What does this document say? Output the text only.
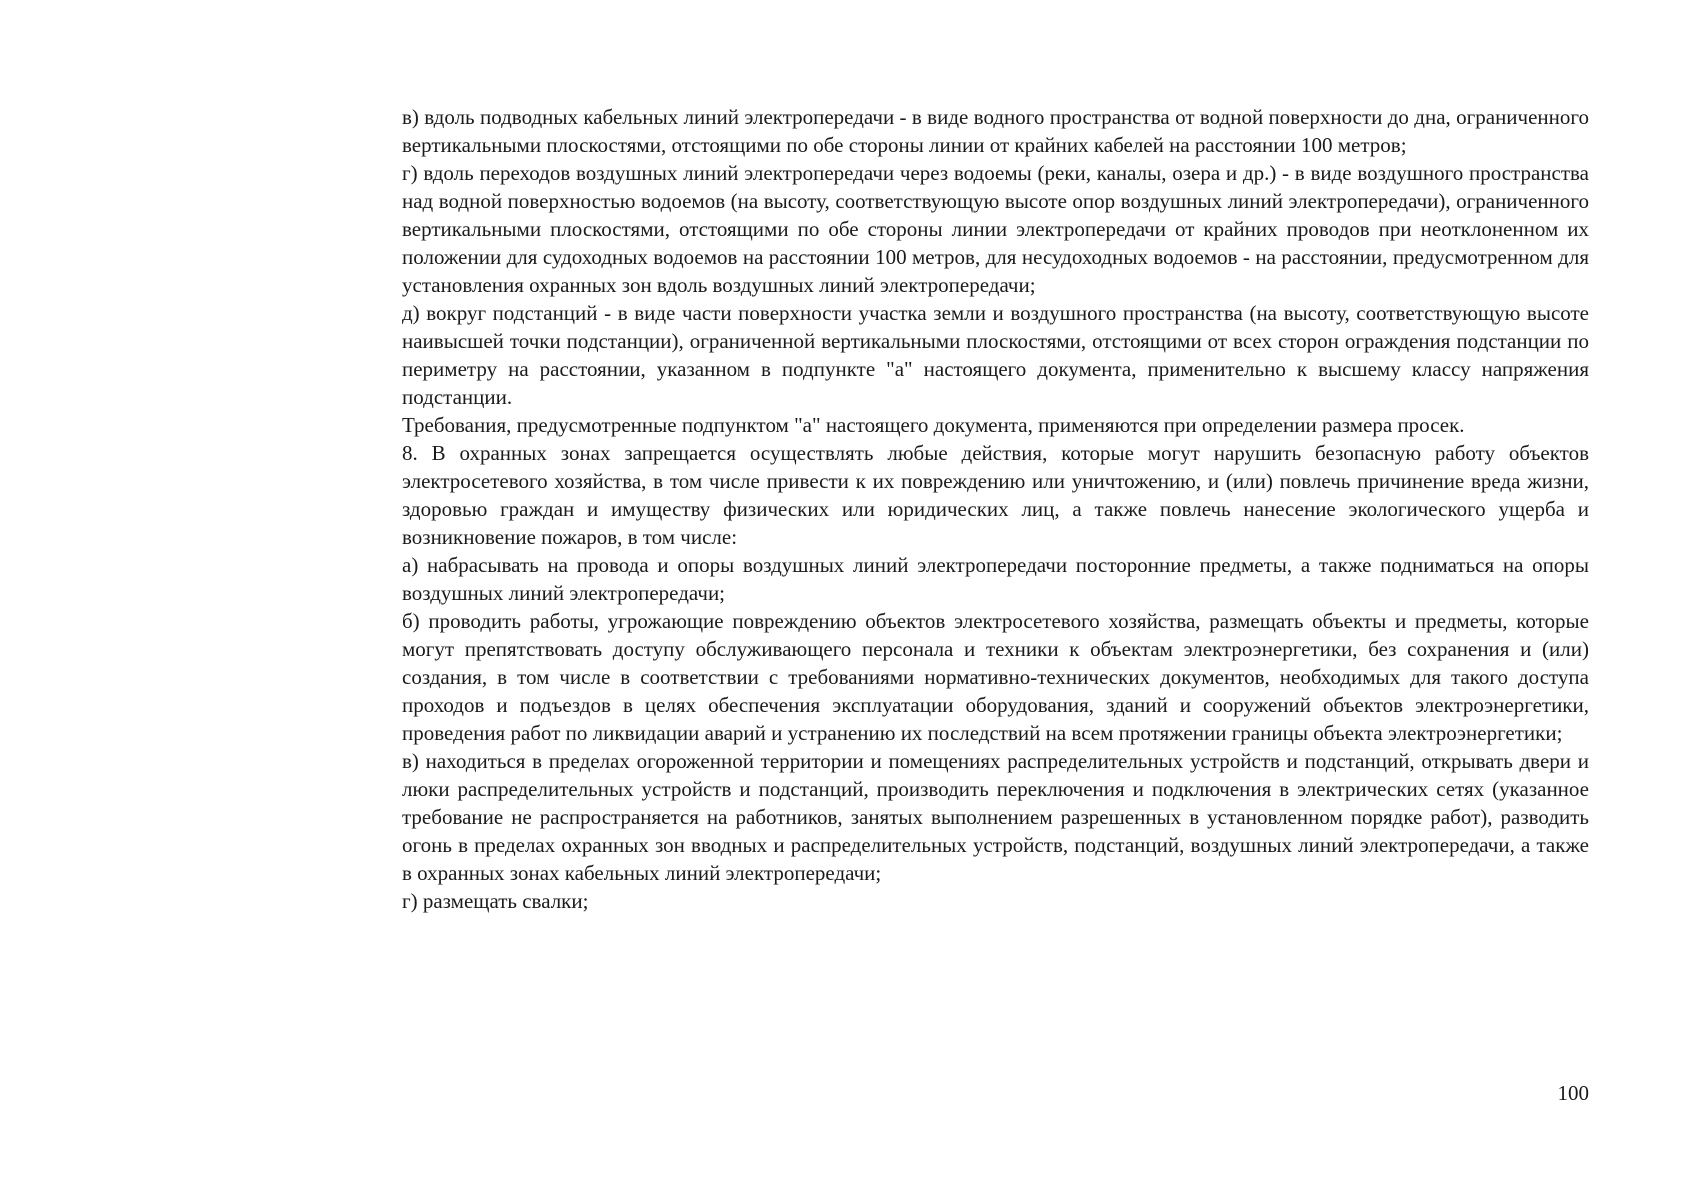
в) вдоль подводных кабельных линий электропередачи - в виде водного пространства от водной поверхности до дна, ограниченного вертикальными плоскостями, отстоящими по обе стороны линии от крайних кабелей на расстоянии 100 метров;

г) вдоль переходов воздушных линий электропередачи через водоемы (реки, каналы, озера и др.) - в виде воздушного пространства над водной поверхностью водоемов (на высоту, соответствующую высоте опор воздушных линий электропередачи), ограниченного вертикальными плоскостями, отстоящими по обе стороны линии электропередачи от крайних проводов при неотклоненном их положении для судоходных водоемов на расстоянии 100 метров, для несудоходных водоемов - на расстоянии, предусмотренном для установления охранных зон вдоль воздушных линий электропередачи;

д) вокруг подстанций - в виде части поверхности участка земли и воздушного пространства (на высоту, соответствующую высоте наивысшей точки подстанции), ограниченной вертикальными плоскостями, отстоящими от всех сторон ограждения подстанции по периметру на расстоянии, указанном в подпункте "а" настоящего документа, применительно к высшему классу напряжения подстанции.

Требования, предусмотренные подпунктом "а" настоящего документа, применяются при определении размера просек.

8. В охранных зонах запрещается осуществлять любые действия, которые могут нарушить безопасную работу объектов электросетевого хозяйства, в том числе привести к их повреждению или уничтожению, и (или) повлечь причинение вреда жизни, здоровью граждан и имуществу физических или юридических лиц, а также повлечь нанесение экологического ущерба и возникновение пожаров, в том числе:

а) набрасывать на провода и опоры воздушных линий электропередачи посторонние предметы, а также подниматься на опоры воздушных линий электропередачи;

б) проводить работы, угрожающие повреждению объектов электросетевого хозяйства, размещать объекты и предметы, которые могут препятствовать доступу обслуживающего персонала и техники к объектам электроэнергетики, без сохранения и (или) создания, в том числе в соответствии с требованиями нормативно-технических документов, необходимых для такого доступа проходов и подъездов в целях обеспечения эксплуатации оборудования, зданий и сооружений объектов электроэнергетики, проведения работ по ликвидации аварий и устранению их последствий на всем протяжении границы объекта электроэнергетики;

в) находиться в пределах огороженной территории и помещениях распределительных устройств и подстанций, открывать двери и люки распределительных устройств и подстанций, производить переключения и подключения в электрических сетях (указанное требование не распространяется на работников, занятых выполнением разрешенных в установленном порядке работ), разводить огонь в пределах охранных зон вводных и распределительных устройств, подстанций, воздушных линий электропередачи, а также в охранных зонах кабельных линий электропередачи;

г) размещать свалки;

100
